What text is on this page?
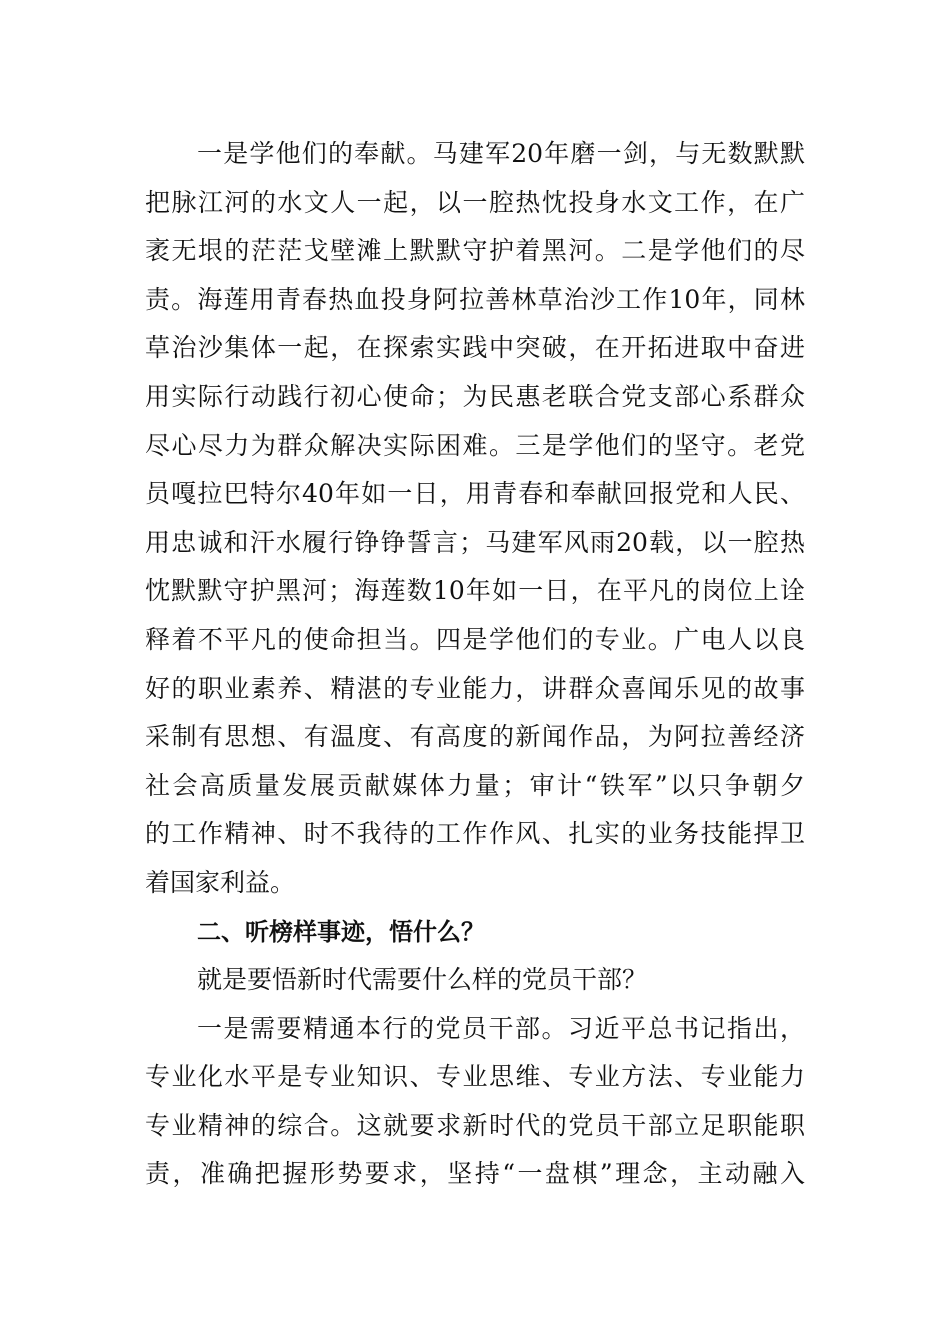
一是学他们的奉献。马建军20年磨一剑，与无数默默
把脉江河的水文人一起，以一腔热忱投身水文工作，在广
袤无垠的茫茫戈壁滩上默默守护着黑河。二是学他们的尽
责。海莲用青春热血投身阿拉善林草治沙工作10年，同林
草治沙集体一起，在探索实践中突破，在开拓进取中奋进
用实际行动践行初心使命；为民惠老联合党支部心系群众
尽心尽力为群众解决实际困难。三是学他们的坚守。老党
员嘎拉巴特尔40年如一日，用青春和奉献回报党和人民、
用忠诚和汗水履行铮铮誓言；马建军风雨20载，以一腔热
忱默默守护黑河；海莲数10年如一日，在平凡的岗位上诠
释着不平凡的使命担当。四是学他们的专业。广电人以良
好的职业素养、精湛的专业能力，讲群众喜闻乐见的故事
采制有思想、有温度、有高度的新闻作品，为阿拉善经济
社会高质量发展贡献媒体力量；审计“铁军”以只争朝夕
的工作精神、时不我待的工作作风、扎实的业务技能捍卫
着国家利益。
二、听榜样事迹，悟什么？
就是要悟新时代需要什么样的党员干部？
一是需要精通本行的党员干部。习近平总书记指出，
专业化水平是专业知识、专业思维、专业方法、专业能力
专业精神的综合。这就要求新时代的党员干部立足职能职
责，准确把握形势要求，坚持“一盘棋”理念，主动融入
